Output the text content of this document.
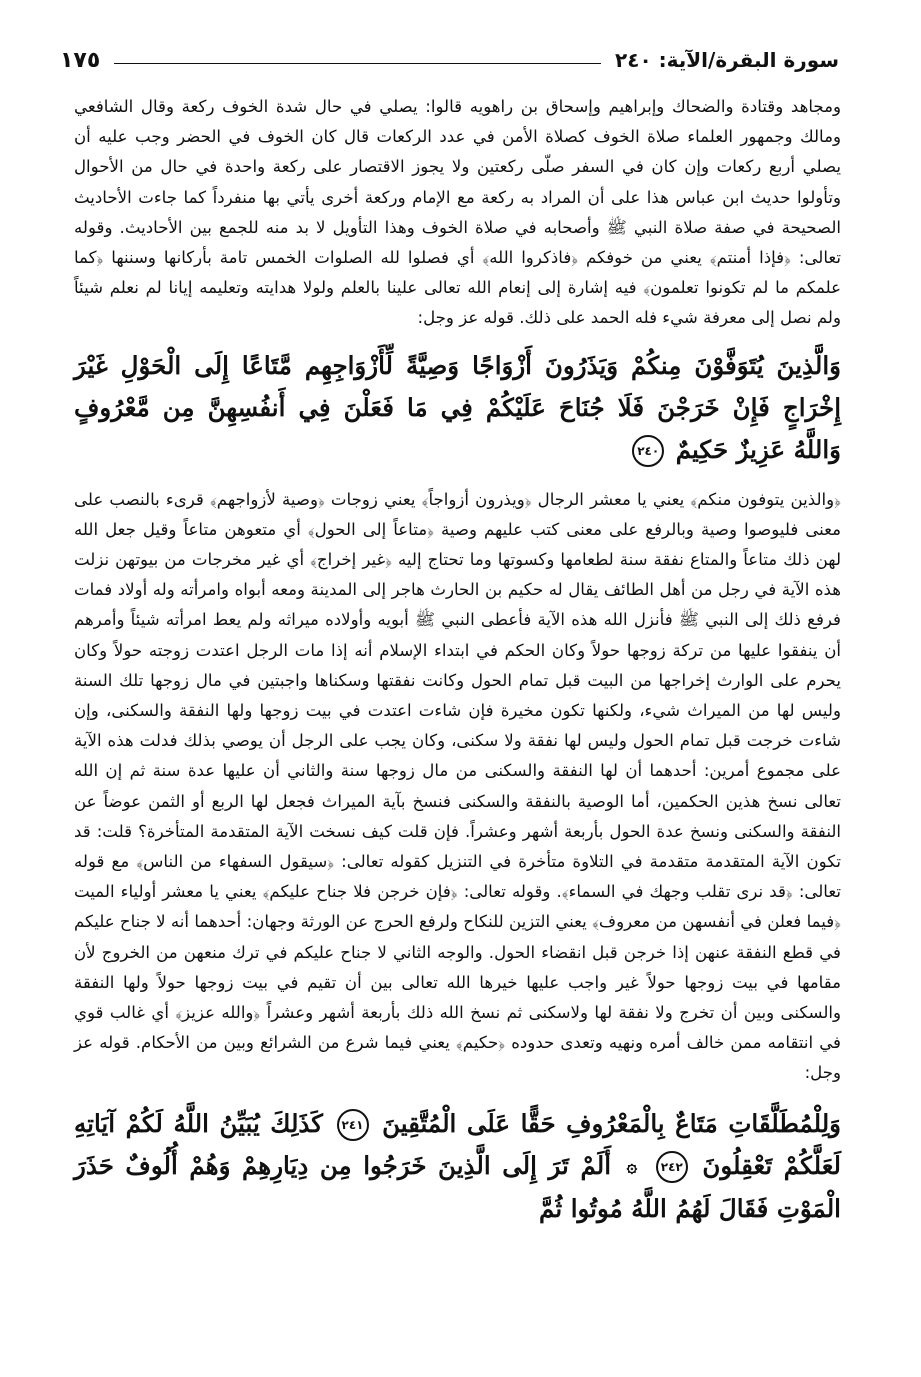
سورة البقرة/الآية: ٢٤٠
١٧٥

ومجاهد وقتادة والضحاك وإبراهيم وإسحاق بن راهويه قالوا: يصلي في حال شدة الخوف ركعة وقال الشافعي ومالك وجمهور العلماء صلاة الخوف كصلاة الأمن في عدد الركعات قال كان الخوف في الحضر وجب عليه أن يصلي أربع ركعات وإن كان في السفر صلّى ركعتين ولا يجوز الاقتصار على ركعة واحدة في حال من الأحوال وتأولوا حديث ابن عباس هذا على أن المراد به ركعة مع الإمام وركعة أخرى يأتي بها منفرداً كما جاءت الأحاديث الصحيحة في صفة صلاة النبي ﷺ وأصحابه في صلاة الخوف وهذا التأويل لا بد منه للجمع بين الأحاديث. وقوله تعالى: ﴿فإذا أمنتم﴾ يعني من خوفكم ﴿فاذكروا الله﴾ أي فصلوا لله الصلوات الخمس تامة بأركانها وسننها ﴿كما علمكم ما لم تكونوا تعلمون﴾ فيه إشارة إلى إنعام الله تعالى علينا بالعلم ولولا هدايته وتعليمه إيانا لم نعلم شيئاً ولم نصل إلى معرفة شيء فله الحمد على ذلك. قوله عز وجل:

وَالَّذِينَ يُتَوَفَّوْنَ مِنكُمْ وَيَذَرُونَ أَزْوَاجًا وَصِيَّةً لِّأَزْوَاجِهِم مَّتَاعًا إِلَى الْحَوْلِ غَيْرَ إِخْرَاجٍ فَإِنْ خَرَجْنَ فَلَا جُنَاحَ عَلَيْكُمْ فِي مَا فَعَلْنَ فِي أَنفُسِهِنَّ مِن مَّعْرُوفٍ وَاللَّهُ عَزِيزٌ حَكِيمٌ ٢٤٠

﴿والذين يتوفون منكم﴾ يعني يا معشر الرجال ﴿ويذرون أزواجاً﴾ يعني زوجات ﴿وصية لأزواجهم﴾ قرىء بالنصب على معنى فليوصوا وصية وبالرفع على معنى كتب عليهم وصية ﴿متاعاً إلى الحول﴾ أي متعوهن متاعاً وقيل جعل الله لهن ذلك متاعاً والمتاع نفقة سنة لطعامها وكسوتها وما تحتاج إليه ﴿غير إخراج﴾ أي غير مخرجات من بيوتهن نزلت هذه الآية في رجل من أهل الطائف يقال له حكيم بن الحارث هاجر إلى المدينة ومعه أبواه وامرأته وله أولاد فمات فرفع ذلك إلى النبي ﷺ فأنزل الله هذه الآية فأعطى النبي ﷺ أبويه وأولاده ميراثه ولم يعط امرأته شيئاً وأمرهم أن ينفقوا عليها من تركة زوجها حولاً وكان الحكم في ابتداء الإسلام أنه إذا مات الرجل اعتدت زوجته حولاً وكان يحرم على الوارث إخراجها من البيت قبل تمام الحول وكانت نفقتها وسكناها واجبتين في مال زوجها تلك السنة وليس لها من الميراث شيء، ولكنها تكون مخيرة فإن شاءت اعتدت في بيت زوجها ولها النفقة والسكنى، وإن شاءت خرجت قبل تمام الحول وليس لها نفقة ولا سكنى، وكان يجب على الرجل أن يوصي بذلك فدلت هذه الآية على مجموع أمرين: أحدهما أن لها النفقة والسكنى من مال زوجها سنة والثاني أن عليها عدة سنة ثم إن الله تعالى نسخ هذين الحكمين، أما الوصية بالنفقة والسكنى فنسخ بآية الميراث فجعل لها الربع أو الثمن عوضاً عن النفقة والسكنى ونسخ عدة الحول بأربعة أشهر وعشراً. فإن قلت كيف نسخت الآية المتقدمة المتأخرة؟ قلت: قد تكون الآية المتقدمة متقدمة في التلاوة متأخرة في التنزيل كقوله تعالى: ﴿سيقول السفهاء من الناس﴾ مع قوله تعالى: ﴿قد نرى تقلب وجهك في السماء﴾. وقوله تعالى: ﴿فإن خرجن فلا جناح عليكم﴾ يعني يا معشر أولياء الميت ﴿فيما فعلن في أنفسهن من معروف﴾ يعني التزين للنكاح ولرفع الحرج عن الورثة وجهان: أحدهما أنه لا جناح عليكم في قطع النفقة عنهن إذا خرجن قبل انقضاء الحول. والوجه الثاني لا جناح عليكم في ترك منعهن من الخروج لأن مقامها في بيت زوجها حولاً غير واجب عليها خيرها الله تعالى بين أن تقيم في بيت زوجها حولاً ولها النفقة والسكنى وبين أن تخرج ولا نفقة لها ولاسكنى ثم نسخ الله ذلك بأربعة أشهر وعشراً ﴿والله عزيز﴾ أي غالب قوي في انتقامه ممن خالف أمره ونهيه وتعدى حدوده ﴿حكيم﴾ يعني فيما شرع من الشرائع وبين من الأحكام. قوله عز وجل:

وَلِلْمُطَلَّقَاتِ مَتَاعٌ بِالْمَعْرُوفِ حَقًّا عَلَى الْمُتَّقِينَ ٢٤١ كَذَلِكَ يُبَيِّنُ اللَّهُ لَكُمْ آيَاتِهِ لَعَلَّكُمْ تَعْقِلُونَ ٢٤٢ ۞ أَلَمْ تَرَ إِلَى الَّذِينَ خَرَجُوا مِن دِيَارِهِمْ وَهُمْ أُلُوفٌ حَذَرَ الْمَوْتِ فَقَالَ لَهُمُ اللَّهُ مُوتُوا ثُمَّ
